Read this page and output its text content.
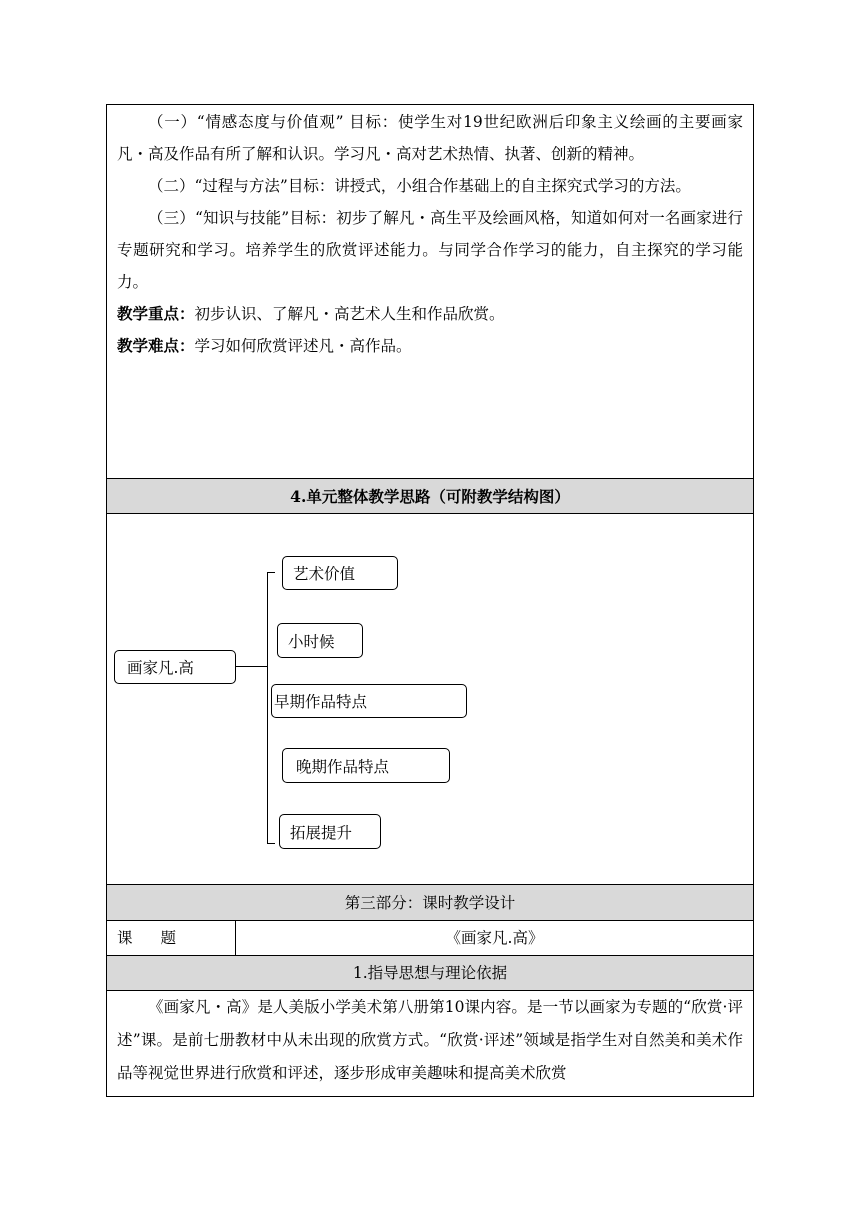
（一）“情感态度与价值观” 目标：使学生对19世纪欧洲后印象主义绘画的主要画家凡・高及作品有所了解和认识。学习凡・高对艺术热情、执著、创新的精神。

（二）“过程与方法”目标：讲授式，小组合作基础上的自主探究式学习的方法。

（三）“知识与技能”目标：初步了解凡・高生平及绘画风格，知道如何对一名画家进行专题研究和学习。培养学生的欣赏评述能力。与同学合作学习的能力，自主探究的学习能力。

教学重点：初步认识、了解凡・高艺术人生和作品欣赏。

教学难点：学习如何欣赏评述凡・高作品。

4.单元整体教学思路（可附教学结构图）
画家凡.高
艺术价值
小时候
早期作品特点
晚期作品特点
拓展提升
第三部分：课时教学设计
课 题	《画家凡.高》
1.指导思想与理论依据

《画家凡・高》是人美版小学美术第八册第10课内容。是一节以画家为专题的“欣赏·评述”课。是前七册教材中从未出现的欣赏方式。“欣赏·评述”领域是指学生对自然美和美术作品等视觉世界进行欣赏和评述，逐步形成审美趣味和提高美术欣赏
